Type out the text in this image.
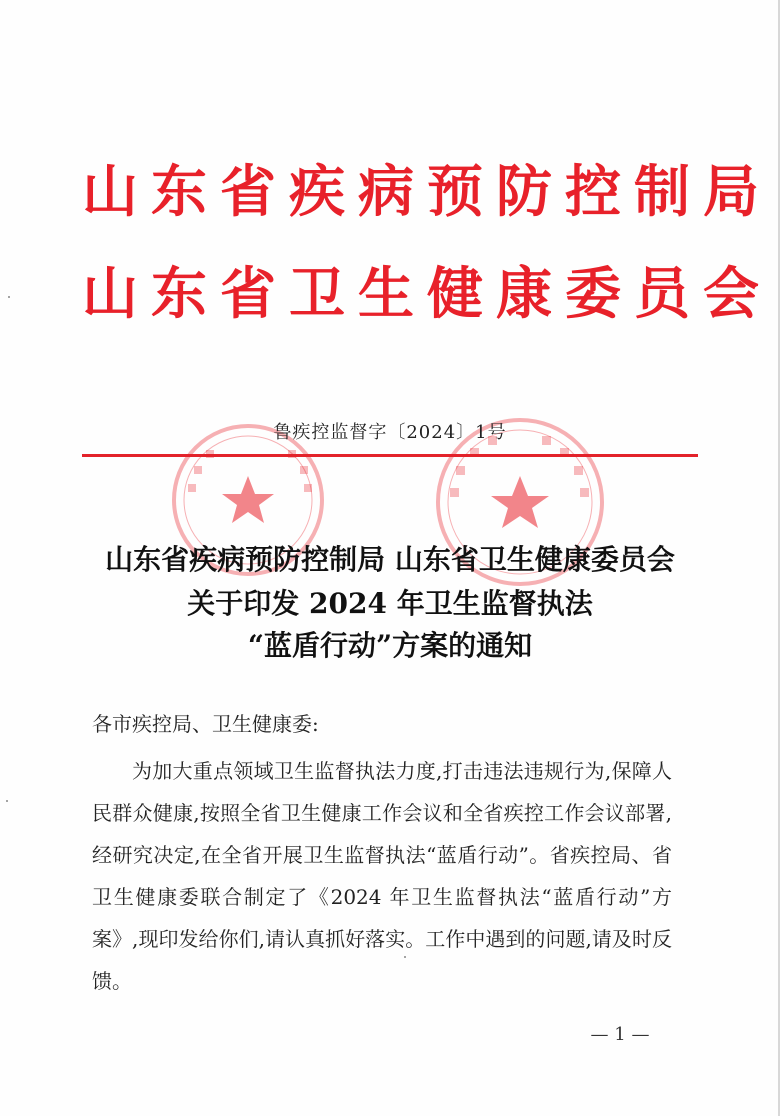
山东省疾病预防控制局
山东省卫生健康委员会
鲁疾控监督字〔2024〕1号
山东省疾病预防控制局 山东省卫生健康委员会
关于印发 2024 年卫生监督执法
“蓝盾行动”方案的通知
各市疾控局、卫生健康委:
为加大重点领域卫生监督执法力度,打击违法违规行为,保障人民群众健康,按照全省卫生健康工作会议和全省疾控工作会议部署,经研究决定,在全省开展卫生监督执法“蓝盾行动”。省疾控局、省卫生健康委联合制定了《2024 年卫生监督执法“蓝盾行动”方案》,现印发给你们,请认真抓好落实。工作中遇到的问题,请及时反馈。
— 1 —
